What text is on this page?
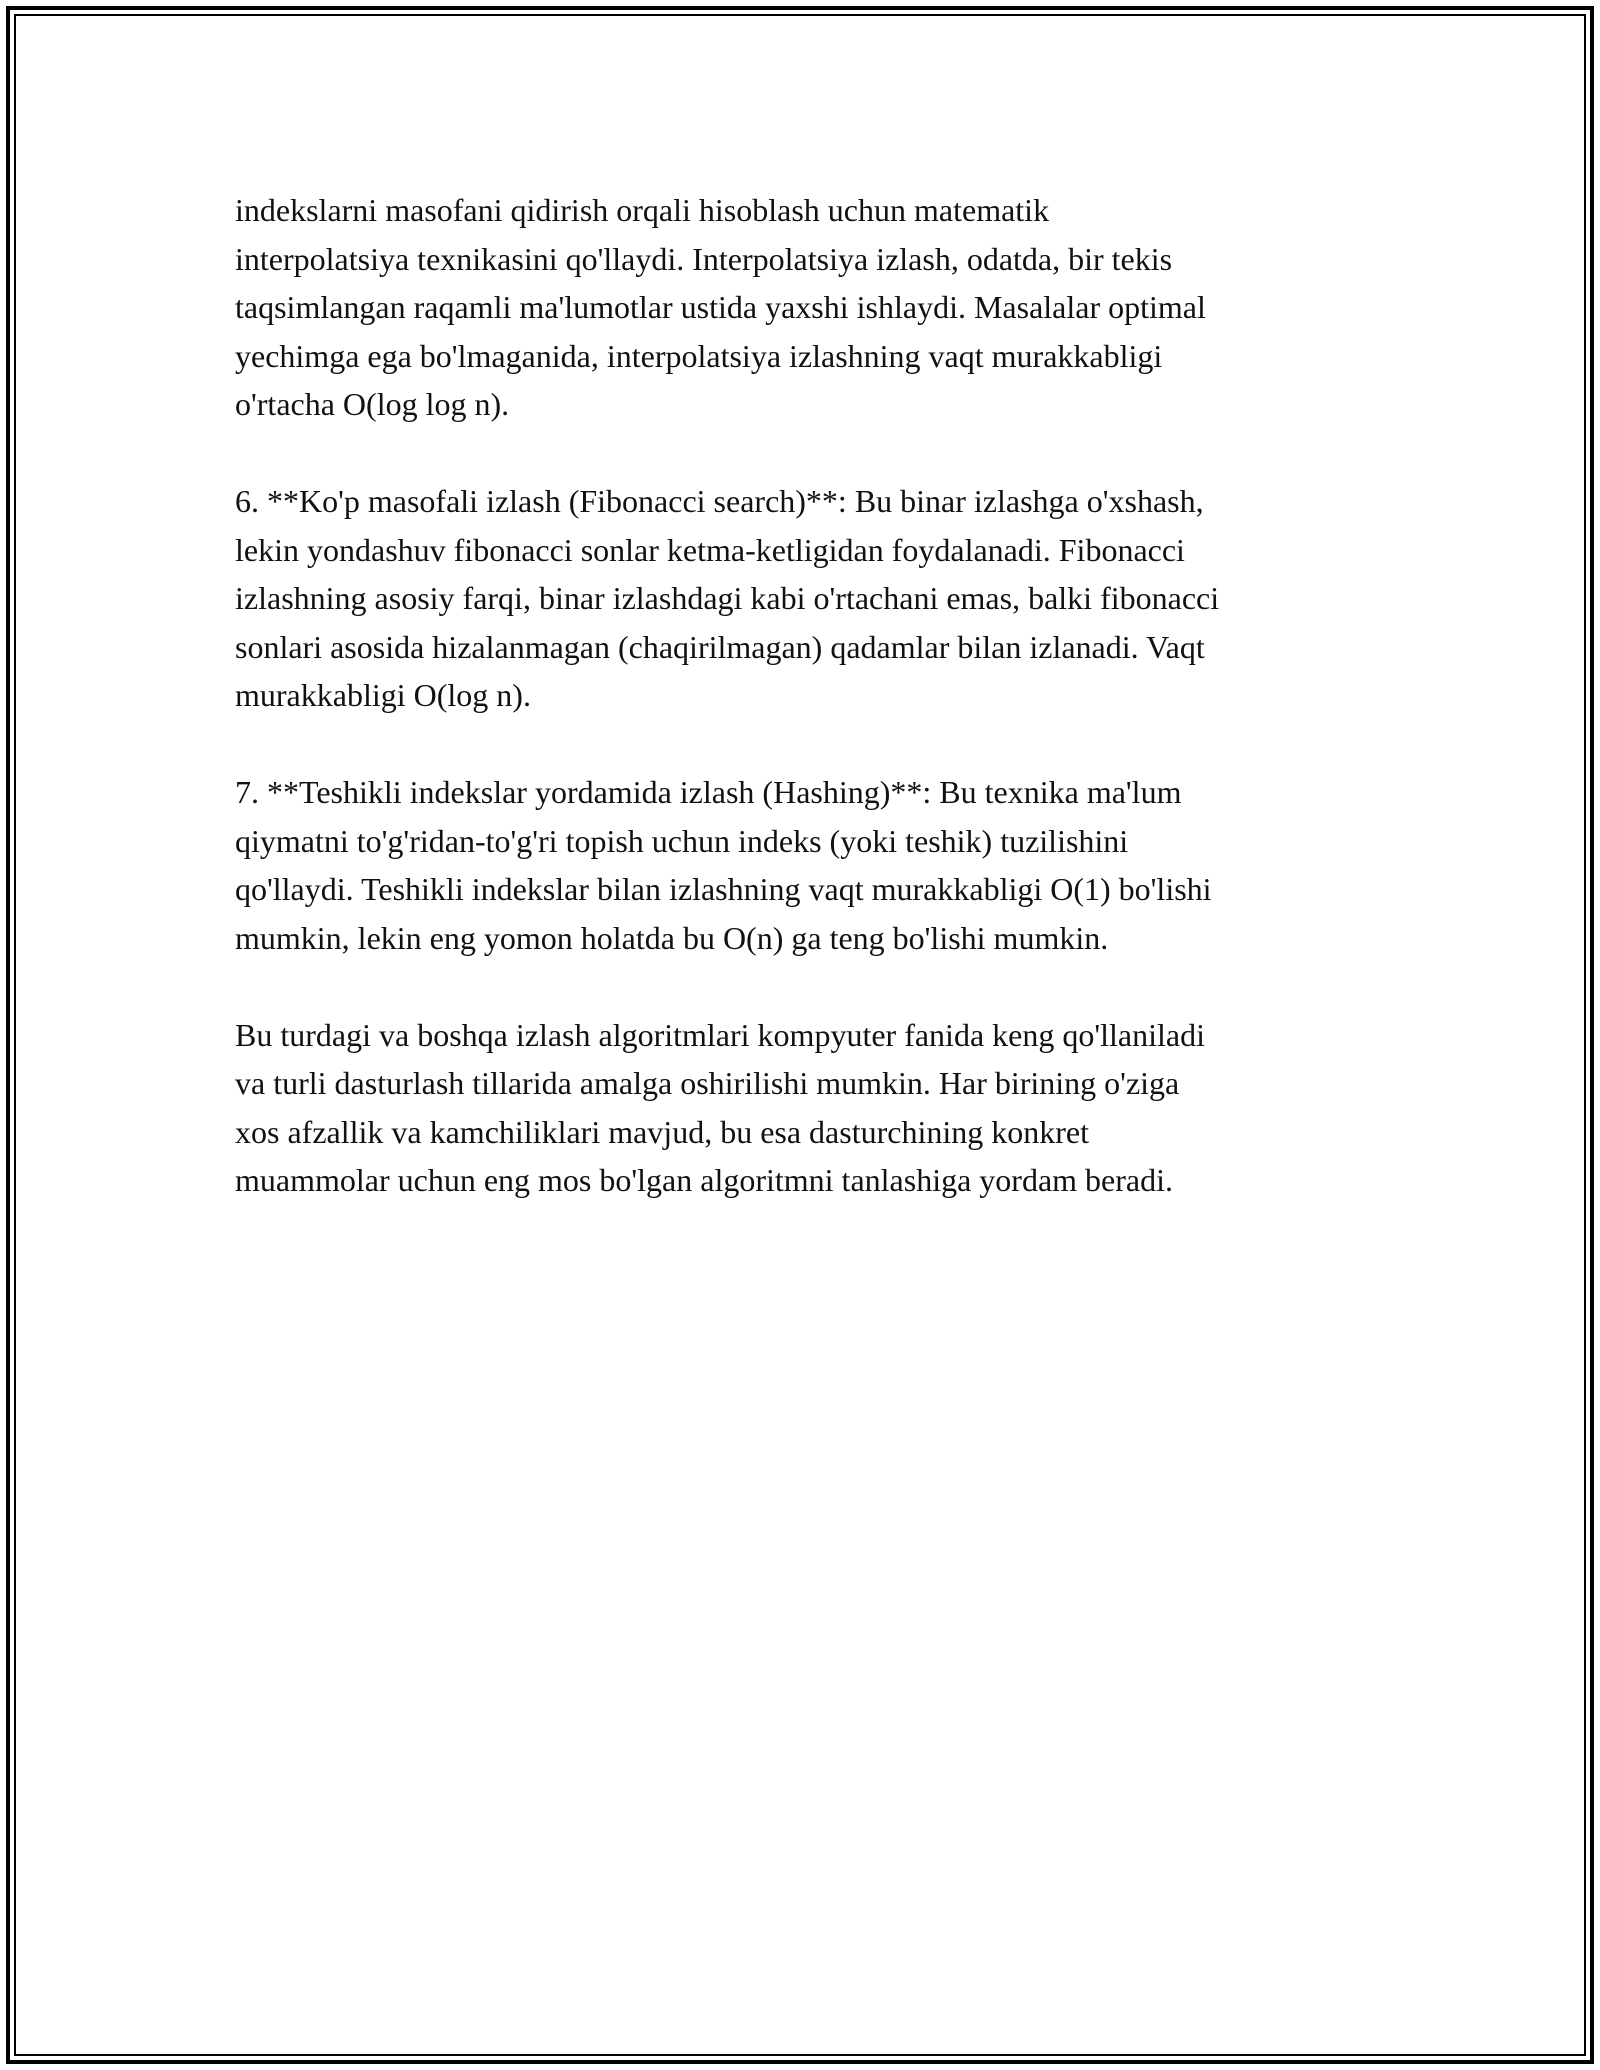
indekslarni masofani qidirish orqali hisoblash uchun matematik
interpolatsiya texnikasini qo'llaydi. Interpolatsiya izlash, odatda, bir tekis
taqsimlangan raqamli ma'lumotlar ustida yaxshi ishlaydi. Masalalar optimal
yechimga ega bo'lmaganida, interpolatsiya izlashning vaqt murakkabligi
o'rtacha O(log log n).

6. **Ko'p masofali izlash (Fibonacci search)**: Bu binar izlashga o'xshash,
lekin yondashuv fibonacci sonlar ketma-ketligidan foydalanadi. Fibonacci
izlashning asosiy farqi, binar izlashdagi kabi o'rtachani emas, balki fibonacci
sonlari asosida hizalanmagan (chaqirilmagan) qadamlar bilan izlanadi. Vaqt
murakkabligi O(log n).

7. **Teshikli indekslar yordamida izlash (Hashing)**: Bu texnika ma'lum
qiymatni to'g'ridan-to'g'ri topish uchun indeks (yoki teshik) tuzilishini
qo'llaydi. Teshikli indekslar bilan izlashning vaqt murakkabligi O(1) bo'lishi
mumkin, lekin eng yomon holatda bu O(n) ga teng bo'lishi mumkin.

Bu turdagi va boshqa izlash algoritmlari kompyuter fanida keng qo'llaniladi
va turli dasturlash tillarida amalga oshirilishi mumkin. Har birining o'ziga
xos afzallik va kamchiliklari mavjud, bu esa dasturchining konkret
muammolar uchun eng mos bo'lgan algoritmni tanlashiga yordam beradi.
